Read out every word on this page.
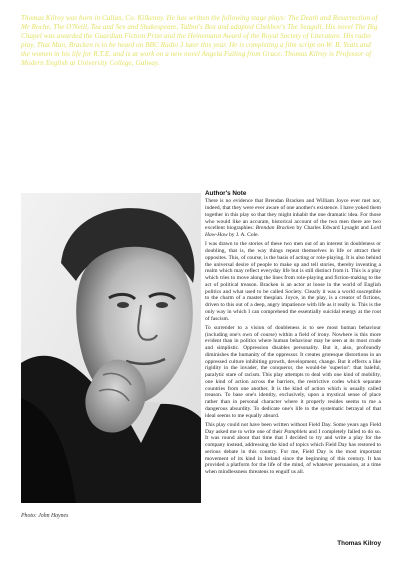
Thomas Kilroy was born in Callan, Co. Kilkenny. He has written the following stage plays: The Death and Resurrection of Mr Roche, The O'Neill, Tea and Sex and Shakespeare, Talbot's Box and adapted Chekhov's The Seagull. His novel The Big Chapel was awarded the Guardian Fiction Prize and the Heinemann Award of the Royal Society of Literature. His radio play, That Man, Bracken is to be heard on BBC Radio 3 later this year. He is completing a film script on W. B. Yeats and the women in his life for R.T.E. and is at work on a new novel Angela Falling from Grace. Thomas Kilroy is Professor of Modern English at University College, Galway.

Photo: John Haynes
Author's Note

There is no evidence that Brendan Bracken and William Joyce ever met nor, indeed, that they were ever aware of one another's existence. I have yoked them together in this play so that they might inhabit the one dramatic idea. For those who would like an accurate, historical account of the two men there are two excellent biographies: Brendan Bracken by Charles Edward Lysaght and Lord Haw-Haw by J. A. Cole.

I was drawn to the stories of these two men out of an interest in doubleness or doubling, that is, the way things repeat themselves in life or attract their opposites. This, of course, is the basis of acting or role-playing. It is also behind the universal desire of people to make up and tell stories, thereby inventing a realm which may reflect everyday life but is still distinct from it. This is a play which tries to move along the lines from role-playing and fiction-making to the act of political treason. Bracken is an actor at loose in the world of English politics and what used to be called Society. Clearly it was a world susceptible to the charm of a master thespian. Joyce, in the play, is a creator of fictions, driven to this out of a deep, angry impatience with life as it really is. This is the only way in which I can comprehend the essentially suicidal energy at the root of fascism.

To surrender to a vision of doubleness is to see most human behaviour (including one's own of course) within a field of irony. Nowhere is this more evident than in politics where human behaviour may be seen at its most crude and simplistic. Oppression disables personality. But it, also, profoundly diminishes the humanity of the oppressor. It creates grotesque distortions in an oppressed culture inhibiting growth, development, change. But it effects a like rigidity in the invader, the conqueror, the would-be 'superior': that baleful, paralytic stare of racism. This play attempts to deal with one kind of mobility, one kind of action across the barriers, the restrictive codes which separate countries from one another. It is the kind of action which is usually called treason. To base one's identity, exclusively, upon a mystical sense of place rather than in personal character where it properly resides seems to me a dangerous absurdity. To dedicate one's life to the systematic betrayal of that ideal seems to me equally absurd.

This play could not have been written without Field Day. Some years ago Field Day asked me to write one of their Pamphlets and I completely failed to do so. It was round about that time that I decided to try and write a play for the company instead, addressing the kind of topics which Field Day has restored to serious debate in this country. For me, Field Day is the most important movement of its kind in Ireland since the beginning of this century. It has provided a platform for the life of the mind, of whatever persuasion, at a time when mindlessness threatens to engulf us all.

Thomas Kilroy
